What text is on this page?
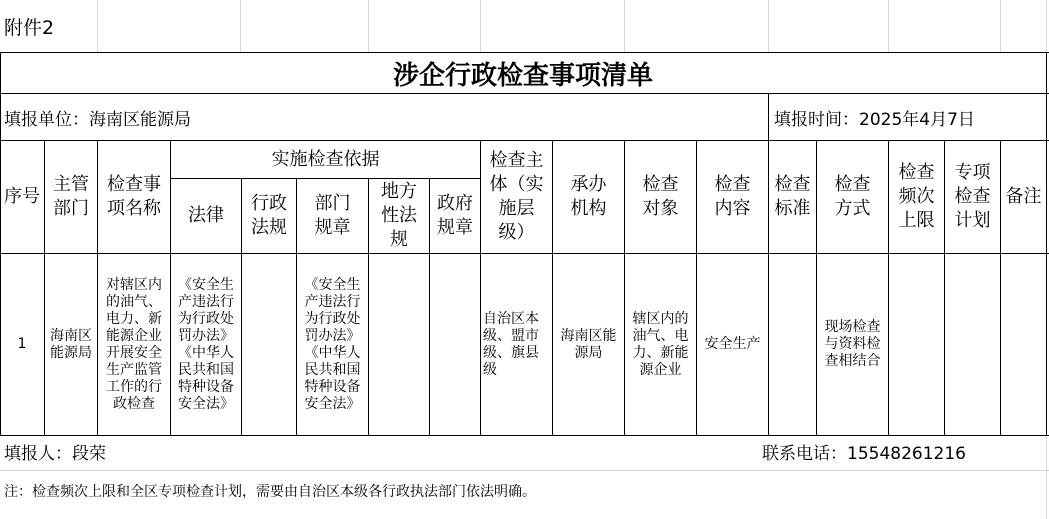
附件2
涉企行政检查事项清单
填报单位：海南区能源局	填报时间：2025年4月7日
序号
主管
部门
检查事
项名称
实施检查依据
法律
行政
法规
部门
规章
地方
性法
规
政府
规章
检查主
体（实
施层
级）
承办
机构
检查
对象
检查
内容
检查
标准
检查
方式
检查
频次
上限
专项
检查
计划
备注
1
海南区
能源局
对辖区内
的油气、
电力、新
能源企业
开展安全
生产监管
工作的行
政检查
《安全生
产违法行
为行政处
罚办法》
《中华人
民共和国
特种设备
安全法》
《安全生
产违法行
为行政处
罚办法》
《中华人
民共和国
特种设备
安全法》
自治区本
级、盟市
级、旗县
级
海南区能
源局
辖区内的
油气、电
力、新能
源企业
安全生产
现场检查
与资料检
查相结合
填报人：段荣	联系电话：15548261216
注：检查频次上限和全区专项检查计划，需要由自治区本级各行政执法部门依法明确。
